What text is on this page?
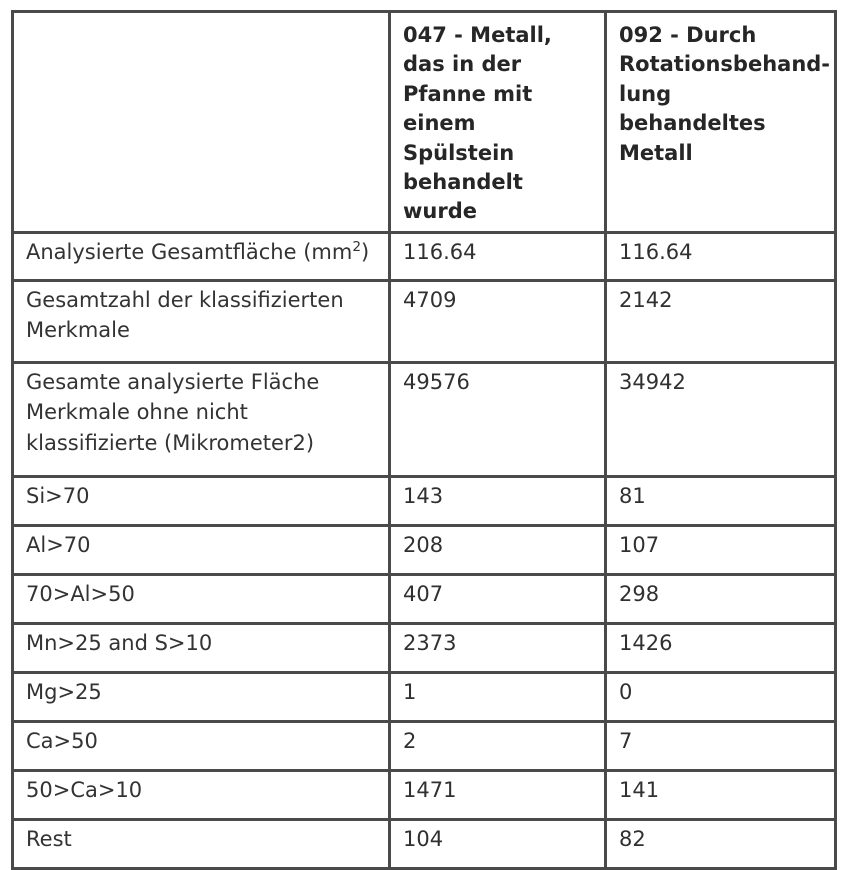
	047 - Metall, das in der Pfanne mit einem Spülstein behandelt wurde	092 - Durch Rotationsbehand-lung behandeltes Metall
Analysierte Gesamtfläche $(mm^2)$	116.64	116.64
Gesamtzahl der klassifizierten Merkmale	4709	2142
Gesamte analysierte Fläche Merkmale ohne nicht klassifizierte (Mikrometer2)	49576	34942
Si>70	143	81
Al>70	208	107
70>Al>50	407	298
Mn>25 and S>10	2373	1426
Mg>25	1	0
Ca>50	2	7
50>Ca>10	1471	141
Rest	104	82
